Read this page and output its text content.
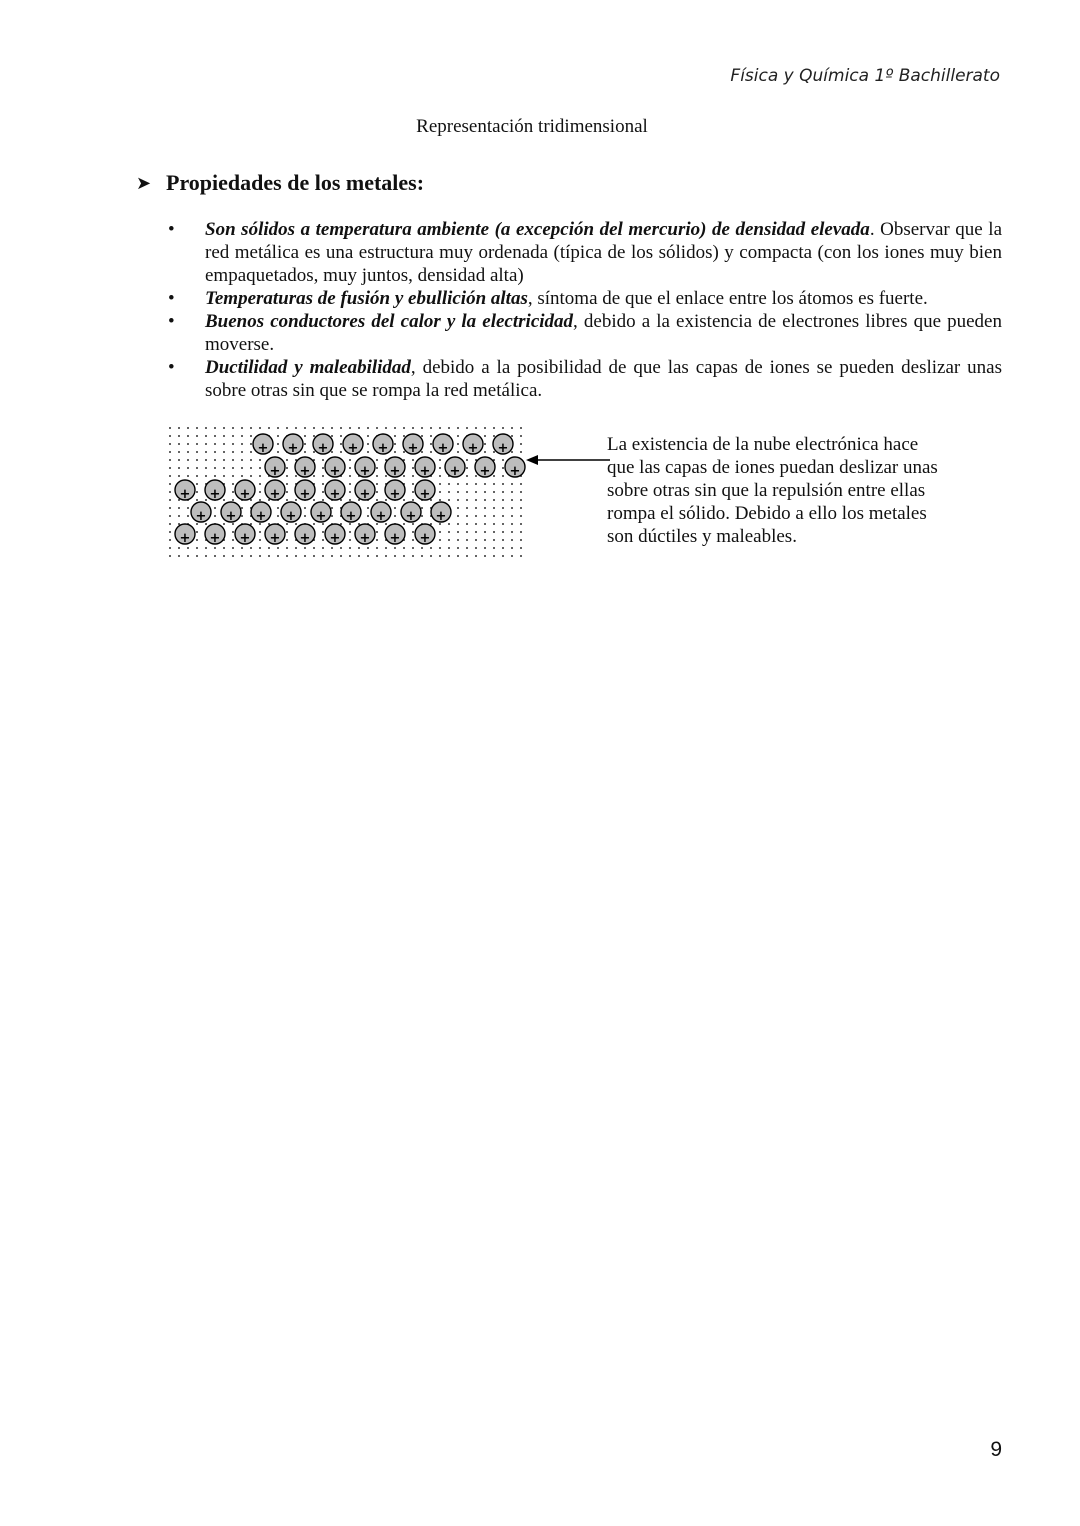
Física y Química 1º Bachillerato
Representación tridimensional
➤ Propiedades de los metales:
• Son sólidos a temperatura ambiente (a excepción del mercurio) de densidad elevada. Observar que la red metálica es una estructura muy ordenada (típica de los sólidos) y compacta (con los iones muy bien empaquetados, muy juntos, densidad alta)
• Temperaturas de fusión y ebullición altas, síntoma de que el enlace entre los átomos es fuerte.
• Buenos conductores del calor y la electricidad, debido a la existencia de electrones libres que pueden moverse.
• Ductilidad y maleabilidad, debido a la posibilidad de que las capas de iones se pueden deslizar unas sobre otras sin que se rompa la red metálica.
+ + + + + + + + +
+ + + + + + + + +
+ + + + + + + + +
+ + + + + + + + +
+ + + + + + + + +
La existencia de la nube electrónica hace que las capas de iones puedan deslizar unas sobre otras sin que la repulsión entre ellas rompa el sólido. Debido a ello los metales son dúctiles y maleables.
9
